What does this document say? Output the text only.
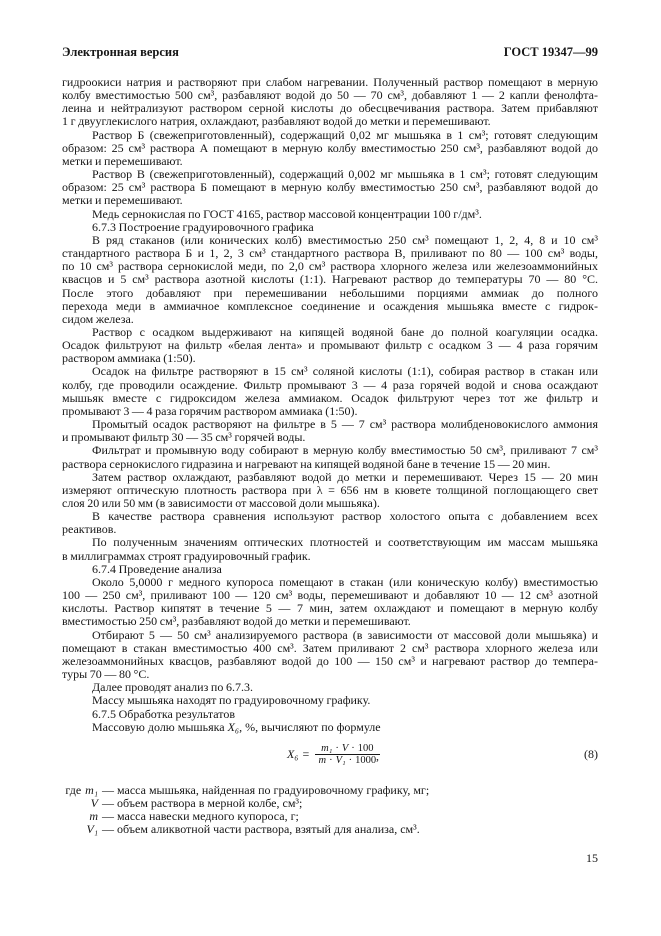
Электронная версия	ГОСТ 19347—99
гидроокиси натрия и растворяют при слабом нагревании. Полученный раствор помещают в мерную
колбу вместимостью 500 см³, разбавляют водой до 50 — 70 см³, добавляют 1 — 2 капли фенолфта-
леина и нейтрализуют раствором серной кислоты до обесцвечивания раствора. Затем прибавляют
1 г двууглекислого натрия, охлаждают, разбавляют водой до метки и перемешивают.
Раствор Б (свежеприготовленный), содержащий 0,02 мг мышьяка в 1 см³; готовят следующим
образом: 25 см³ раствора А помещают в мерную колбу вместимостью 250 см³, разбавляют водой до
метки и перемешивают.
Раствор В (свежеприготовленный), содержащий 0,002 мг мышьяка в 1 см³; готовят следующим
образом: 25 см³ раствора Б помещают в мерную колбу вместимостью 250 см³, разбавляют водой до
метки и перемешивают.
Медь сернокислая по ГОСТ 4165, раствор массовой концентрации 100 г/дм³.
6.7.3 Построение градуировочного графика
В ряд стаканов (или конических колб) вместимостью 250 см³ помещают 1, 2, 4, 8 и 10 см³
стандартного раствора Б и 1, 2, 3 см³ стандартного раствора В, приливают по 80 — 100 см³ воды,
по 10 см³ раствора сернокислой меди, по 2,0 см³ раствора хлорного железа или железоаммонийных
квасцов и 5 см³ раствора азотной кислоты (1:1). Нагревают раствор до температуры 70 — 80 °С.
После этого добавляют при перемешивании небольшими порциями аммиак до полного
перехода меди в аммиачное комплексное соединение и осаждения мышьяка вместе с гидрок-
сидом железа.
Раствор с осадком выдерживают на кипящей водяной бане до полной коагуляции осадка.
Осадок фильтруют на фильтр «белая лента» и промывают фильтр с осадком 3 — 4 раза горячим
раствором аммиака (1:50).
Осадок на фильтре растворяют в 15 см³ соляной кислоты (1:1), собирая раствор в стакан или
колбу, где проводили осаждение. Фильтр промывают 3 — 4 раза горячей водой и снова осаждают
мышьяк вместе с гидроксидом железа аммиаком. Осадок фильтруют через тот же фильтр и
промывают 3 — 4 раза горячим раствором аммиака (1:50).
Промытый осадок растворяют на фильтре в 5 — 7 см³ раствора молибденовокислого аммония
и промывают фильтр 30 — 35 см³ горячей воды.
Фильтрат и промывную воду собирают в мерную колбу вместимостью 50 см³, приливают 7 см³
раствора сернокислого гидразина и нагревают на кипящей водяной бане в течение 15 — 20 мин.
Затем раствор охлаждают, разбавляют водой до метки и перемешивают. Через 15 — 20 мин
измеряют оптическую плотность раствора при λ = 656 нм в кювете толщиной поглощающего свет
слоя 20 или 50 мм (в зависимости от массовой доли мышьяка).
В качестве раствора сравнения используют раствор холостого опыта с добавлением всех
реактивов.
По полученным значениям оптических плотностей и соответствующим им массам мышьяка
в миллиграммах строят градуировочный график.
6.7.4 Проведение анализа
Около 5,0000 г медного купороса помещают в стакан (или коническую колбу) вместимостью
100 — 250 см³, приливают 100 — 120 см³ воды, перемешивают и добавляют 10 — 12 см³ азотной
кислоты. Раствор кипятят в течение 5 — 7 мин, затем охлаждают и помещают в мерную колбу
вместимостью 250 см³, разбавляют водой до метки и перемешивают.
Отбирают 5 — 50 см³ анализируемого раствора (в зависимости от массовой доли мышьяка) и
помещают в стакан вместимостью 400 см³. Затем приливают 2 см³ раствора хлорного железа или
железоаммонийных квасцов, разбавляют водой до 100 — 150 см³ и нагревают раствор до темпера-
туры 70 — 80 °С.
Далее проводят анализ по 6.7.3.
Массу мышьяка находят по градуировочному графику.
6.7.5 Обработка результатов
Массовую долю мышьяка X₆, %, вычисляют по формуле
X₆ =	m₁ · V · 100
m · V₁ · 1000 ,	(8)
где m₁ — масса мышьяка, найденная по градуировочному графику, мг;
V — объем раствора в мерной колбе, см³;
m — масса навески медного купороса, г;
V₁ — объем аликвотной части раствора, взятый для анализа, см³.
15
